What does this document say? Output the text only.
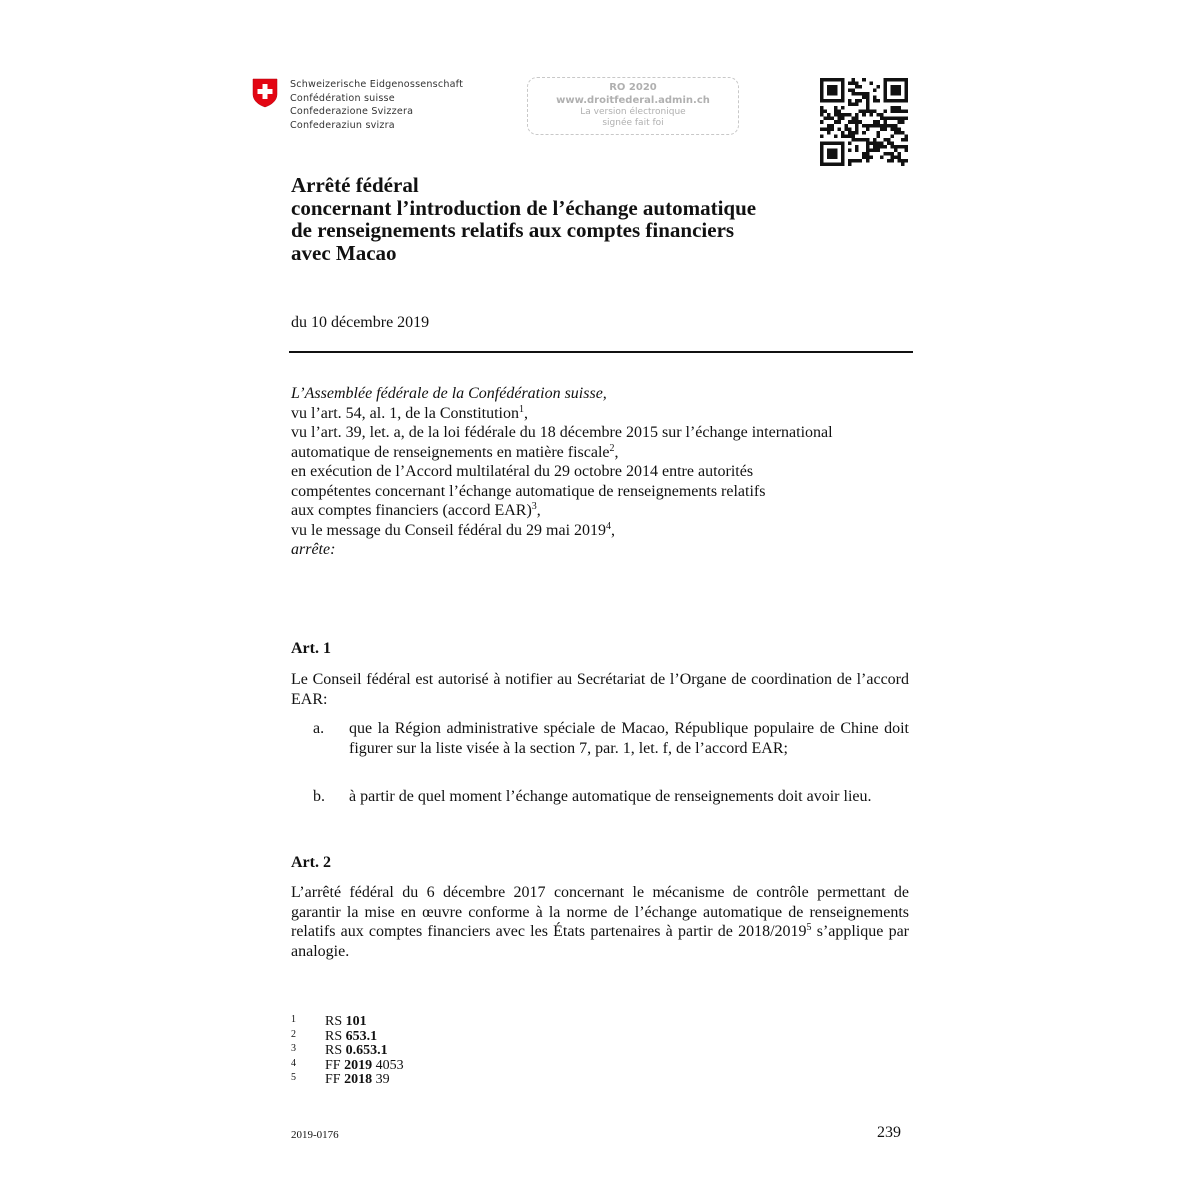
Schweizerische Eidgenossenschaft
Confédération suisse
Confederazione Svizzera
Confederaziun svizra
RO 2020
www.droitfederal.admin.ch
La version électronique
signée fait foi
Arrêté fédéral
concernant l’introduction de l’échange automatique
de renseignements relatifs aux comptes financiers
avec Macao
du 10 décembre 2019
L’Assemblée fédérale de la Confédération suisse,
vu l’art. 54, al. 1, de la Constitution$^1$,
vu l’art. 39, let. a, de la loi fédérale du 18 décembre 2015 sur l’échange international
automatique de renseignements en matière fiscale$^2$,
en exécution de l’Accord multilatéral du 29 octobre 2014 entre autorités
compétentes concernant l’échange automatique de renseignements relatifs
aux comptes financiers (accord EAR)$^3$,
vu le message du Conseil fédéral du 29 mai 2019$^4$,
arrête:
Art. 1
Le Conseil fédéral est autorisé à notifier au Secrétariat de l’Organe de coordination de l’accord EAR:
a. que la Région administrative spéciale de Macao, République populaire de Chine doit figurer sur la liste visée à la section 7, par. 1, let. f, de l’accord EAR;
b. à partir de quel moment l’échange automatique de renseignements doit avoir lieu.
Art. 2
L’arrêté fédéral du 6 décembre 2017 concernant le mécanisme de contrôle permettant de garantir la mise en œuvre conforme à la norme de l’échange automatique de renseignements relatifs aux comptes financiers avec les États partenaires à partir de 2018/2019$^5$ s’applique par analogie.
1 RS 101
2 RS 653.1
3 RS 0.653.1
4 FF 2019 4053
5 FF 2018 39
2019-0176	239
